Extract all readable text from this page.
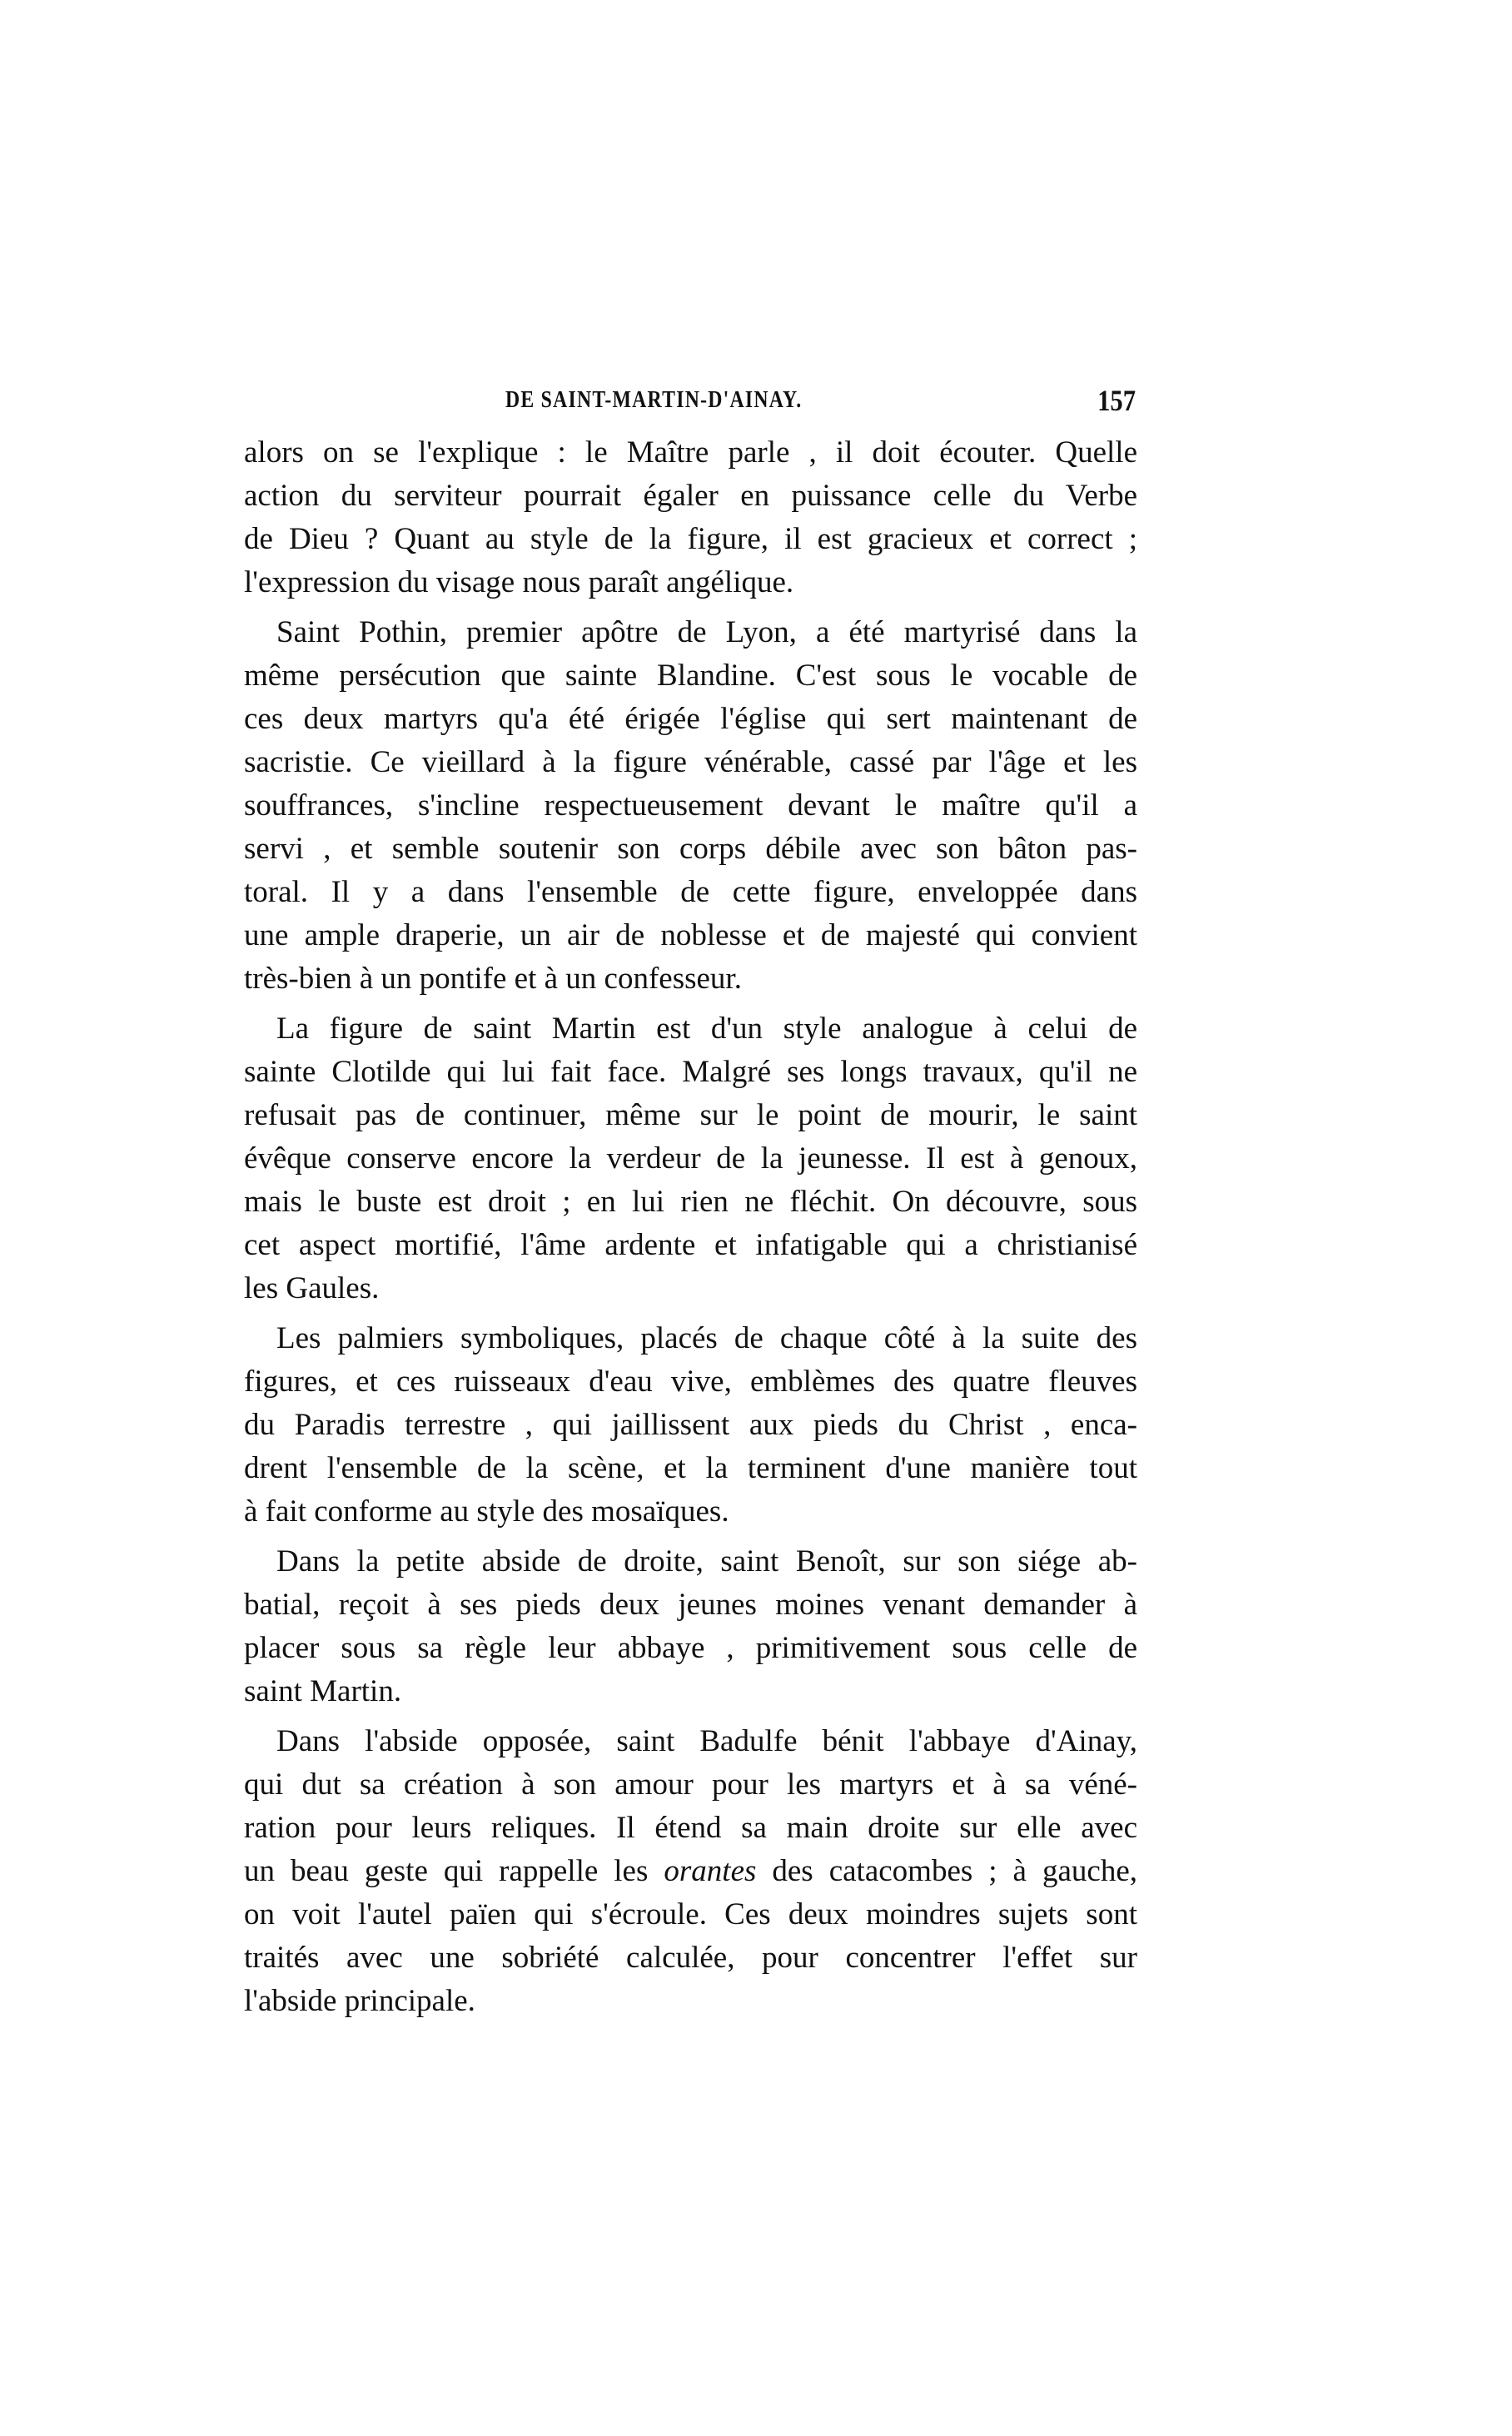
DE SAINT-MARTIN-D'AINAY.	157
alors on se l'explique : le Maître parle , il doit écouter. Quelle
action du serviteur pourrait égaler en puissance celle du Verbe
de Dieu ? Quant au style de la figure, il est gracieux et correct ;
l'expression du visage nous paraît angélique.
Saint Pothin, premier apôtre de Lyon, a été martyrisé dans la
même persécution que sainte Blandine. C'est sous le vocable de
ces deux martyrs qu'a été érigée l'église qui sert maintenant de
sacristie. Ce vieillard à la figure vénérable, cassé par l'âge et les
souffrances, s'incline respectueusement devant le maître qu'il a
servi , et semble soutenir son corps débile avec son bâton pas-
toral. Il y a dans l'ensemble de cette figure, enveloppée dans
une ample draperie, un air de noblesse et de majesté qui convient
très-bien à un pontife et à un confesseur.
La figure de saint Martin est d'un style analogue à celui de
sainte Clotilde qui lui fait face. Malgré ses longs travaux, qu'il ne
refusait pas de continuer, même sur le point de mourir, le saint
évêque conserve encore la verdeur de la jeunesse. Il est à genoux,
mais le buste est droit ; en lui rien ne fléchit. On découvre, sous
cet aspect mortifié, l'âme ardente et infatigable qui a christianisé
les Gaules.
Les palmiers symboliques, placés de chaque côté à la suite des
figures, et ces ruisseaux d'eau vive, emblèmes des quatre fleuves
du Paradis terrestre , qui jaillissent aux pieds du Christ , enca-
drent l'ensemble de la scène, et la terminent d'une manière tout
à fait conforme au style des mosaïques.
Dans la petite abside de droite, saint Benoît, sur son siége ab-
batial, reçoit à ses pieds deux jeunes moines venant demander à
placer sous sa règle leur abbaye , primitivement sous celle de
saint Martin.
Dans l'abside opposée, saint Badulfe bénit l'abbaye d'Ainay,
qui dut sa création à son amour pour les martyrs et à sa véné-
ration pour leurs reliques. Il étend sa main droite sur elle avec
un beau geste qui rappelle les orantes des catacombes ; à gauche,
on voit l'autel païen qui s'écroule. Ces deux moindres sujets sont
traités avec une sobriété calculée, pour concentrer l'effet sur
l'abside principale.
